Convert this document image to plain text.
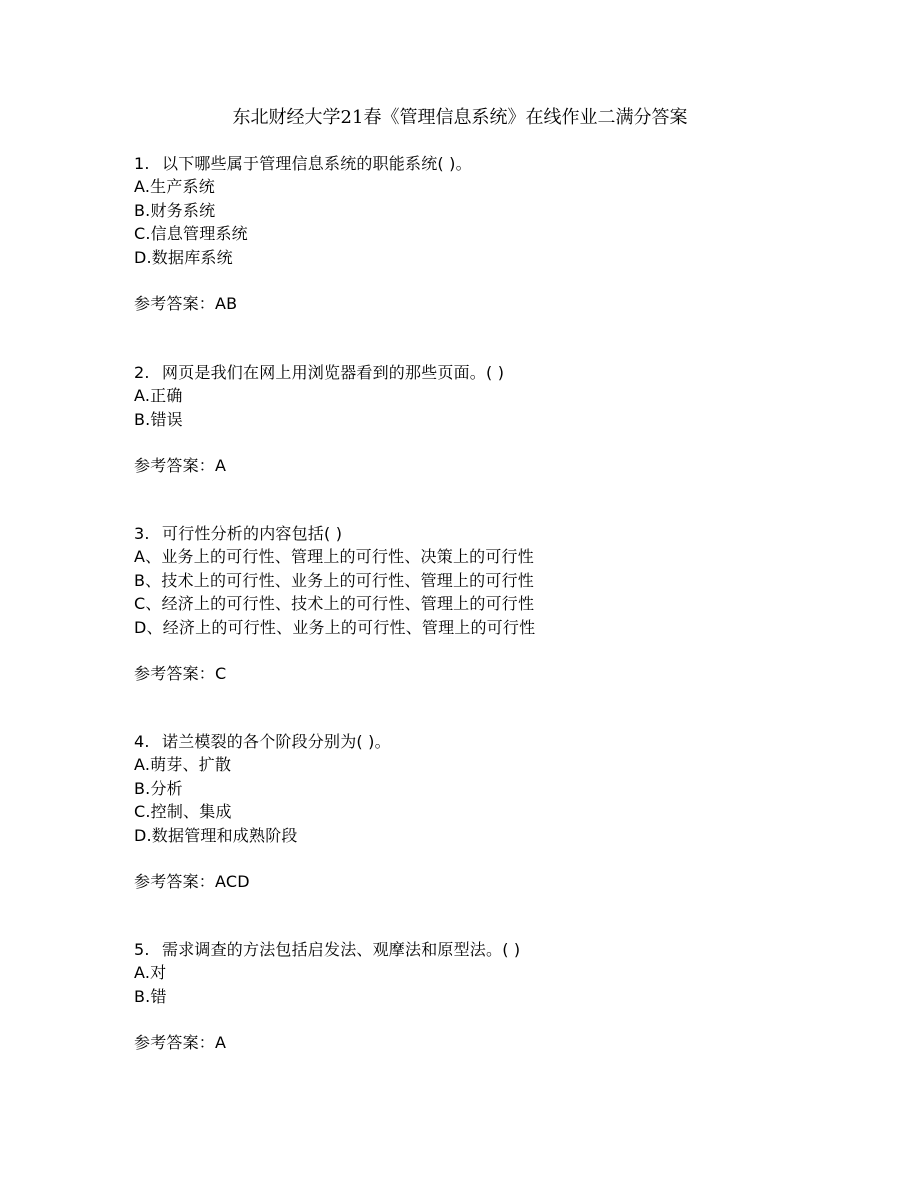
东北财经大学21春《管理信息系统》在线作业二满分答案
1. 以下哪些属于管理信息系统的职能系统( )。
A.生产系统
B.财务系统
C.信息管理系统
D.数据库系统
参考答案：AB
2. 网页是我们在网上用浏览器看到的那些页面。( )
A.正确
B.错误
参考答案：A
3. 可行性分析的内容包括( )
A、业务上的可行性、管理上的可行性、决策上的可行性
B、技术上的可行性、业务上的可行性、管理上的可行性
C、经济上的可行性、技术上的可行性、管理上的可行性
D、经济上的可行性、业务上的可行性、管理上的可行性
参考答案：C
4. 诺兰模裂的各个阶段分别为( )。
A.萌芽、扩散
B.分析
C.控制、集成
D.数据管理和成熟阶段
参考答案：ACD
5. 需求调查的方法包括启发法、观摩法和原型法。( )
A.对
B.错
参考答案：A
